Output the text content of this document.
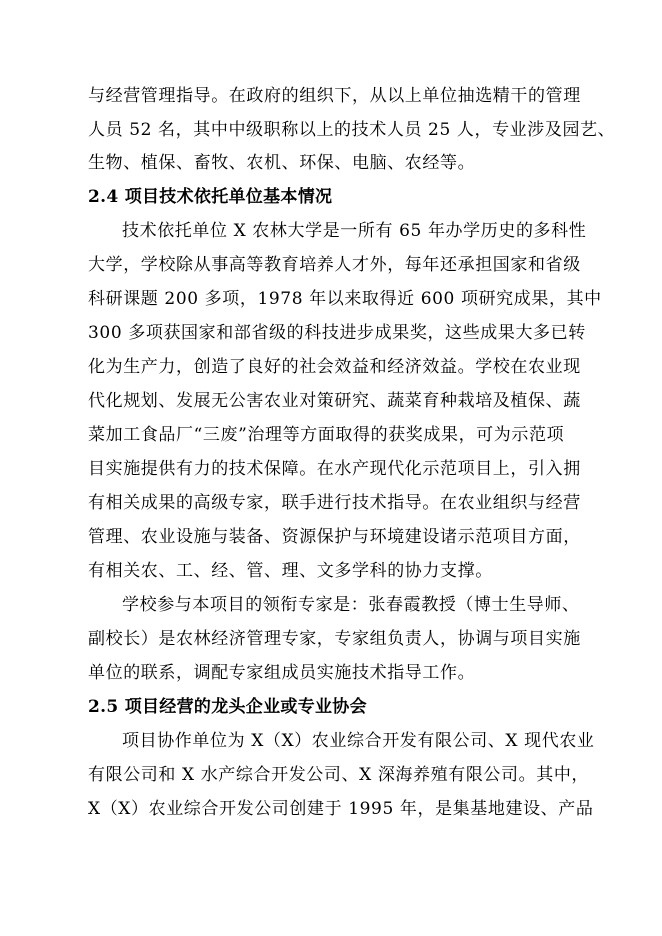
与经营管理指导。在政府的组织下，从以上单位抽选精干的管理
人员 52 名，其中中级职称以上的技术人员 25 人，专业涉及园艺、
生物、植保、畜牧、农机、环保、电脑、农经等。
2.4 项目技术依托单位基本情况
技术依托单位 X 农林大学是一所有 65 年办学历史的多科性
大学，学校除从事高等教育培养人才外，每年还承担国家和省级
科研课题 200 多项，1978 年以来取得近 600 项研究成果，其中
300 多项获国家和部省级的科技进步成果奖，这些成果大多已转
化为生产力，创造了良好的社会效益和经济效益。学校在农业现
代化规划、发展无公害农业对策研究、蔬菜育种栽培及植保、蔬
菜加工食品厂“三废”治理等方面取得的获奖成果，可为示范项
目实施提供有力的技术保障。在水产现代化示范项目上，引入拥
有相关成果的高级专家，联手进行技术指导。在农业组织与经营
管理、农业设施与装备、资源保护与环境建设诸示范项目方面，
有相关农、工、经、管、理、文多学科的协力支撑。
学校参与本项目的领衔专家是：张春霞教授（博士生导师、
副校长）是农林经济管理专家，专家组负责人，协调与项目实施
单位的联系，调配专家组成员实施技术指导工作。
2.5 项目经营的龙头企业或专业协会
项目协作单位为 X（X）农业综合开发有限公司、X 现代农业
有限公司和 X 水产综合开发公司、X 深海养殖有限公司。其中，
X（X）农业综合开发公司创建于 1995 年，是集基地建设、产品
